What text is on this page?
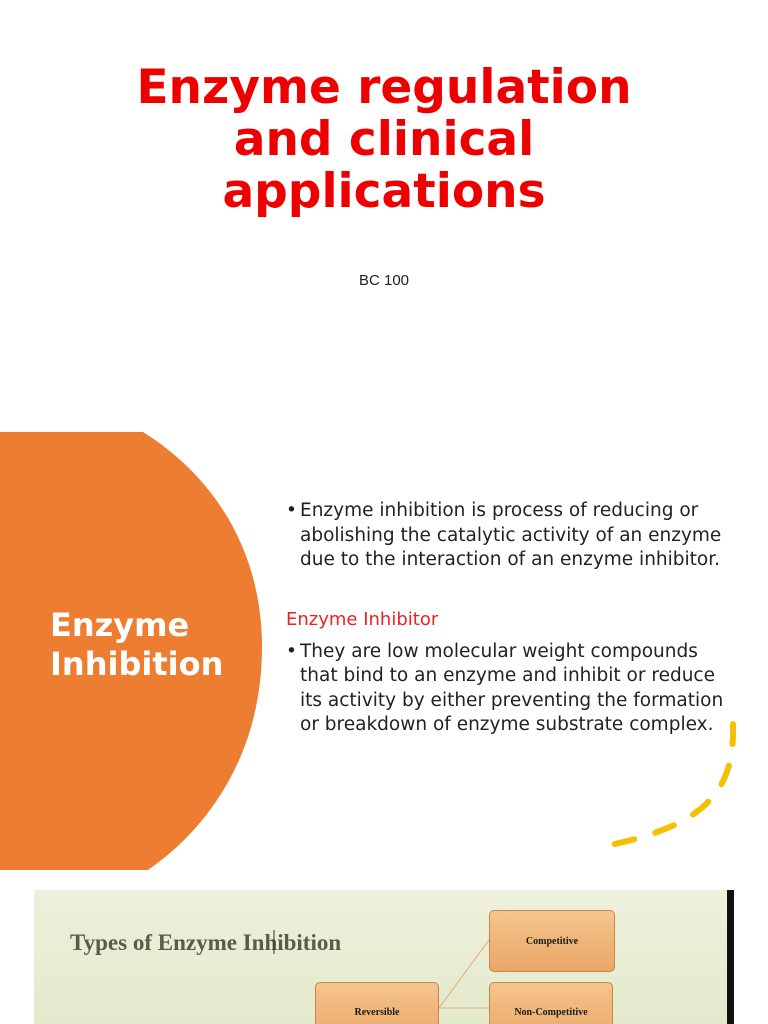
Enzyme regulation
and clinical
applications

BC 100

Enzyme
Inhibition

• Enzyme inhibition is process of reducing or abolishing the catalytic activity of an enzyme due to the interaction of an enzyme inhibitor.

Enzyme Inhibitor

• They are low molecular weight compounds that bind to an enzyme and inhibit or reduce its activity by either preventing the formation or breakdown of enzyme substrate complex.

Types of Enzyme Inhibition	Competitive
Non-Competitive
Reversible
